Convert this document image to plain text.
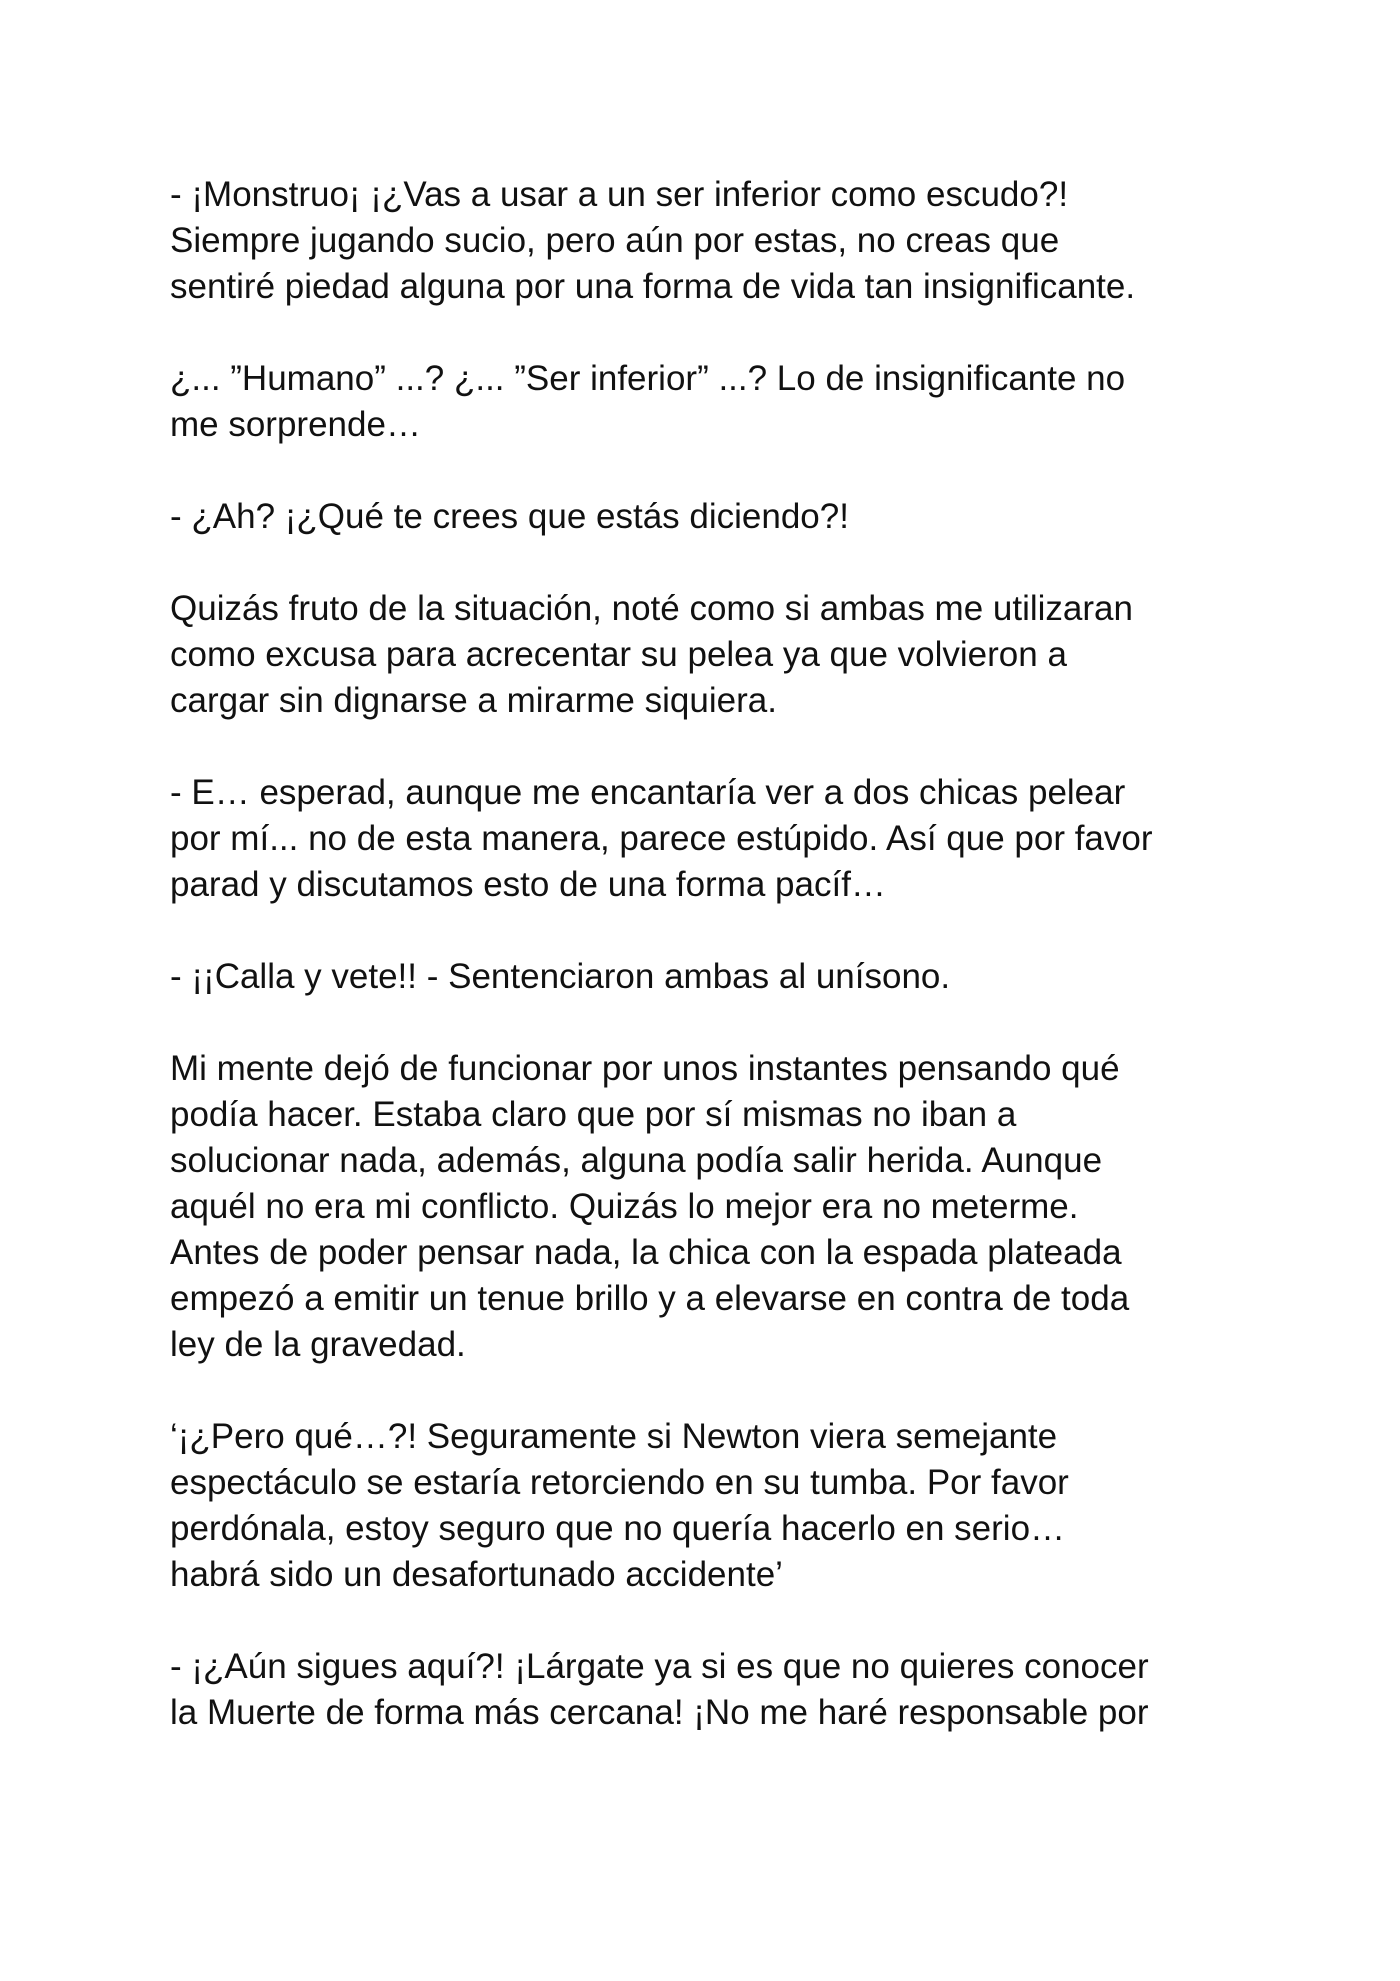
- ¡Monstruo¡ ¡¿Vas a usar a un ser inferior como escudo?!
Siempre jugando sucio, pero aún por estas, no creas que
sentiré piedad alguna por una forma de vida tan insignificante.

¿... ”Humano” ...? ¿... ”Ser inferior” ...? Lo de insignificante no
me sorprende…

- ¿Ah? ¡¿Qué te crees que estás diciendo?!

Quizás fruto de la situación, noté como si ambas me utilizaran
como excusa para acrecentar su pelea ya que volvieron a
cargar sin dignarse a mirarme siquiera.

- E… esperad, aunque me encantaría ver a dos chicas pelear
por mí... no de esta manera, parece estúpido. Así que por favor
parad y discutamos esto de una forma pacíf…

- ¡¡Calla y vete!! - Sentenciaron ambas al unísono.

Mi mente dejó de funcionar por unos instantes pensando qué
podía hacer. Estaba claro que por sí mismas no iban a
solucionar nada, además, alguna podía salir herida. Aunque
aquél no era mi conflicto. Quizás lo mejor era no meterme.
Antes de poder pensar nada, la chica con la espada plateada
empezó a emitir un tenue brillo y a elevarse en contra de toda
ley de la gravedad.

‘¡¿Pero qué…?! Seguramente si Newton viera semejante
espectáculo se estaría retorciendo en su tumba. Por favor
perdónala, estoy seguro que no quería hacerlo en serio…
habrá sido un desafortunado accidente’

- ¡¿Aún sigues aquí?! ¡Lárgate ya si es que no quieres conocer
la Muerte de forma más cercana! ¡No me haré responsable por
